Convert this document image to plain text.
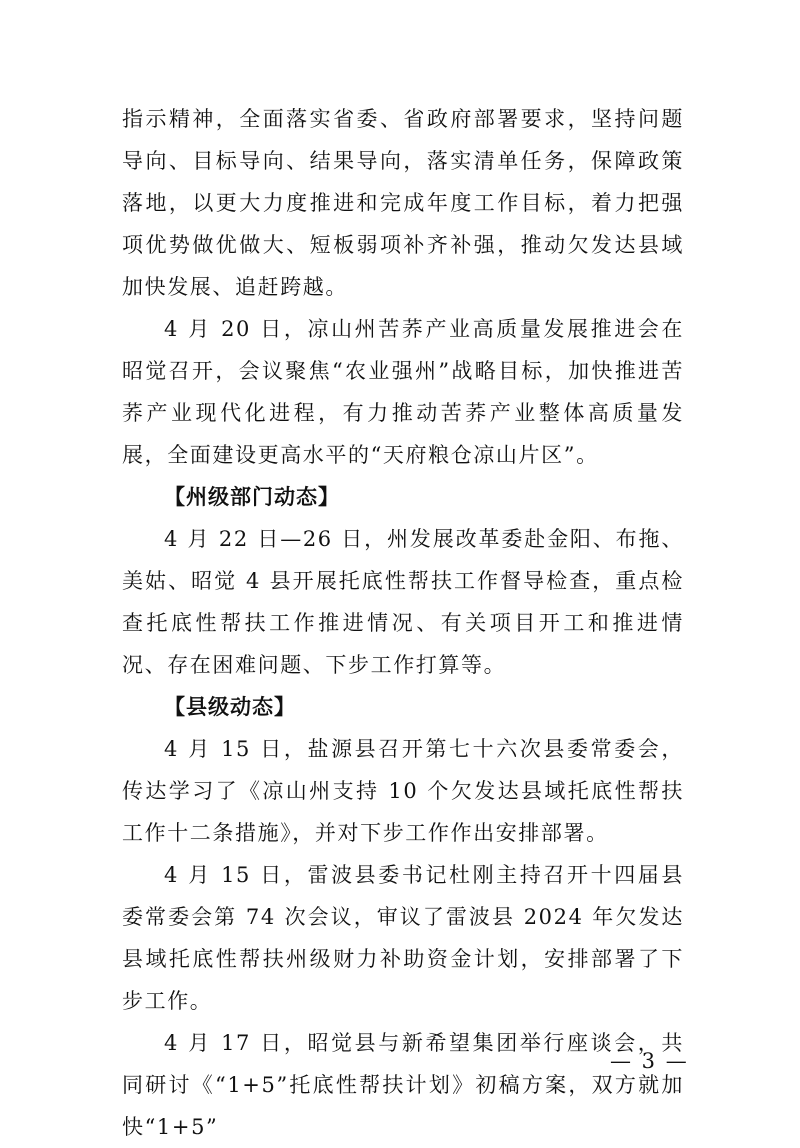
指示精神，全面落实省委、省政府部署要求，坚持问题导向、目标导向、结果导向，落实清单任务，保障政策落地，以更大力度推进和完成年度工作目标，着力把强项优势做优做大、短板弱项补齐补强，推动欠发达县域加快发展、追赶跨越。

4 月 20 日，凉山州苦荞产业高质量发展推进会在昭觉召开，会议聚焦“农业强州”战略目标，加快推进苦荞产业现代化进程，有力推动苦荞产业整体高质量发展，全面建设更高水平的“天府粮仓凉山片区”。

【州级部门动态】

4 月 22 日—26 日，州发展改革委赴金阳、布拖、美姑、昭觉 4 县开展托底性帮扶工作督导检查，重点检查托底性帮扶工作推进情况、有关项目开工和推进情况、存在困难问题、下步工作打算等。

【县级动态】

4 月 15 日，盐源县召开第七十六次县委常委会，传达学习了《凉山州支持 10 个欠发达县域托底性帮扶工作十二条措施》，并对下步工作作出安排部署。

4 月 15 日，雷波县委书记杜刚主持召开十四届县委常委会第 74 次会议，审议了雷波县 2024 年欠发达县域托底性帮扶州级财力补助资金计划，安排部署了下步工作。

4 月 17 日，昭觉县与新希望集团举行座谈会，共同研讨《“1+5”托底性帮扶计划》初稿方案，双方就加快“1+5”

— 3 —
